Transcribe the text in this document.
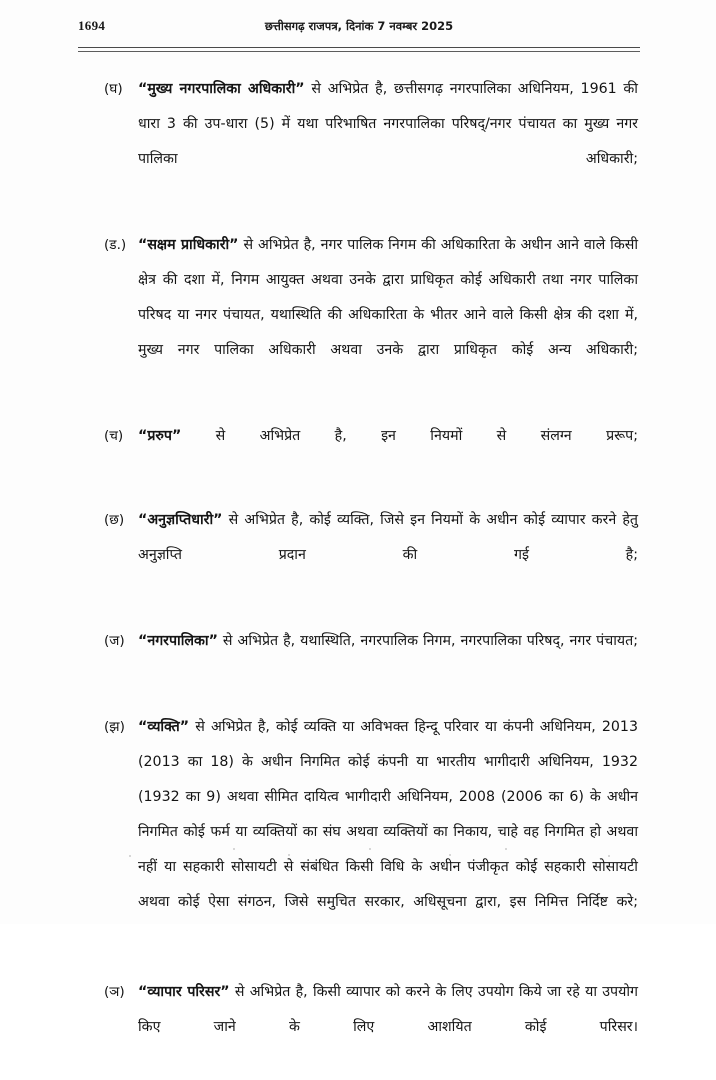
1694	छत्तीसगढ़ राजपत्र, दिनांक 7 नवम्बर 2025
(घ)	“मुख्य नगरपालिका अधिकारी” से अभिप्रेत है, छत्तीसगढ़ नगरपालिका अधिनियम, 1961 की धारा 3 की उप-धारा (5) में यथा परिभाषित नगरपालिका परिषद्/नगर पंचायत का मुख्य नगर पालिका अधिकारी;
(ड.) “सक्षम प्राधिकारी” से अभिप्रेत है, नगर पालिक निगम की अधिकारिता के अधीन आने वाले किसी क्षेत्र की दशा में, निगम आयुक्त अथवा उनके द्वारा प्राधिकृत कोई अधिकारी तथा नगर पालिका परिषद या नगर पंचायत, यथास्थिति की अधिकारिता के भीतर आने वाले किसी क्षेत्र की दशा में, मुख्य नगर पालिका अधिकारी अथवा उनके द्वारा प्राधिकृत कोई अन्य अधिकारी;
(च)	“प्ररुप” से अभिप्रेत है, इन नियमों से संलग्न प्ररूप;
(छ) “अनुज्ञप्तिधारी” से अभिप्रेत है, कोई व्यक्ति, जिसे इन नियमों के अधीन कोई व्यापार करने हेतु अनुज्ञप्ति प्रदान की गई है;
(ज) “नगरपालिका” से अभिप्रेत है, यथास्थिति, नगरपालिक निगम, नगरपालिका परिषद्, नगर पंचायत;
(झ) “व्यक्ति” से अभिप्रेत है, कोई व्यक्ति या अविभक्त हिन्दू परिवार या कंपनी अधिनियम, 2013 (2013 का 18) के अधीन निगमित कोई कंपनी या भारतीय भागीदारी अधिनियम, 1932 (1932 का 9) अथवा सीमित दायित्व भागीदारी अधिनियम, 2008 (2006 का 6) के अधीन निगमित कोई फर्म या व्यक्तियों का संघ अथवा व्यक्तियों का निकाय, चाहे वह निगमित हो अथवा नहीं या सहकारी सोसायटी से संबंधित किसी विधि के अधीन पंजीकृत कोई सहकारी सोसायटी अथवा कोई ऐसा संगठन, जिसे समुचित सरकार, अधिसूचना द्वारा, इस निमित्त निर्दिष्ट करे;
(ञ) “व्यापार परिसर” से अभिप्रेत है, किसी व्यापार को करने के लिए उपयोग किये जा रहे या उपयोग किए जाने के लिए आशयित कोई परिसर।
